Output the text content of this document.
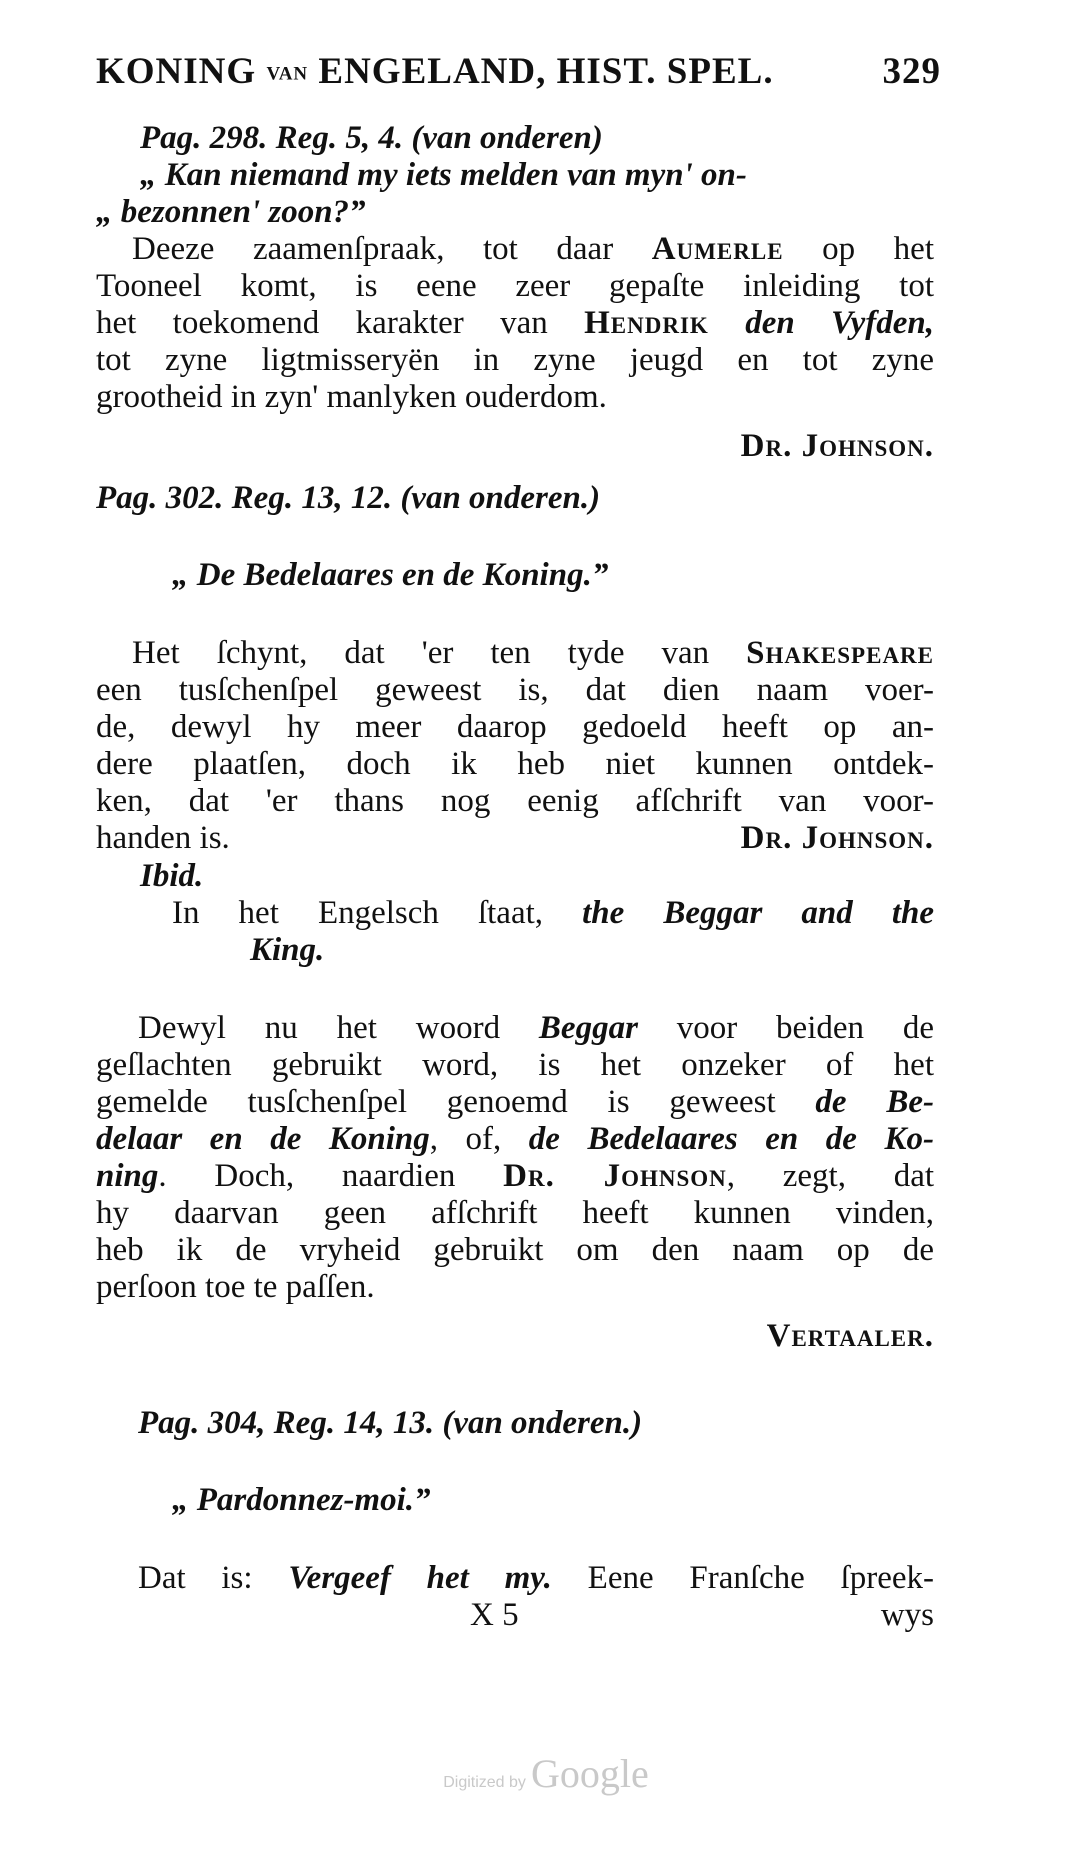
KONING VAN ENGELAND, HIST. SPEL.	329
Pag. 298. Reg. 5, 4. (van onderen)
„ Kan niemand my iets melden van myn' on-
„ bezonnen' zoon?”
Deeze zaamenſpraak, tot daar Aumerle op het
Tooneel komt, is eene zeer gepaſte inleiding tot
het toekomend karakter van Hendrik den Vyfden,
tot zyne ligtmisseryën in zyne jeugd en tot zyne
grootheid in zyn' manlyken ouderdom.
Dr. Johnson.
Pag. 302. Reg. 13, 12. (van onderen.)
„ De Bedelaares en de Koning.”
Het ſchynt, dat 'er ten tyde van Shakespeare
een tusſchenſpel geweest is, dat dien naam voer-
de, dewyl hy meer daarop gedoeld heeft op an-
dere plaatſen, doch ik heb niet kunnen ontdek-
ken, dat 'er thans nog eenig afſchrift van voor-
handen is.	Dr. Johnson.
Ibid.
In het Engelsch ſtaat, the Beggar and the
King.
Dewyl nu het woord Beggar voor beiden de
geſlachten gebruikt word, is het onzeker of het
gemelde tusſchenſpel genoemd is geweest de Be-
delaar en de Koning, of, de Bedelaares en de Ko-
ning. Doch, naardien Dr. Johnson, zegt, dat
hy daarvan geen afſchrift heeft kunnen vinden,
heb ik de vryheid gebruikt om den naam op de
perſoon toe te paſſen.
Vertaaler.
Pag. 304, Reg. 14, 13. (van onderen.)
„ Pardonnez-moi.”
Dat is: Vergeef het my. Eene Franſche ſpreek-
X 5	wys
Digitized by Google
